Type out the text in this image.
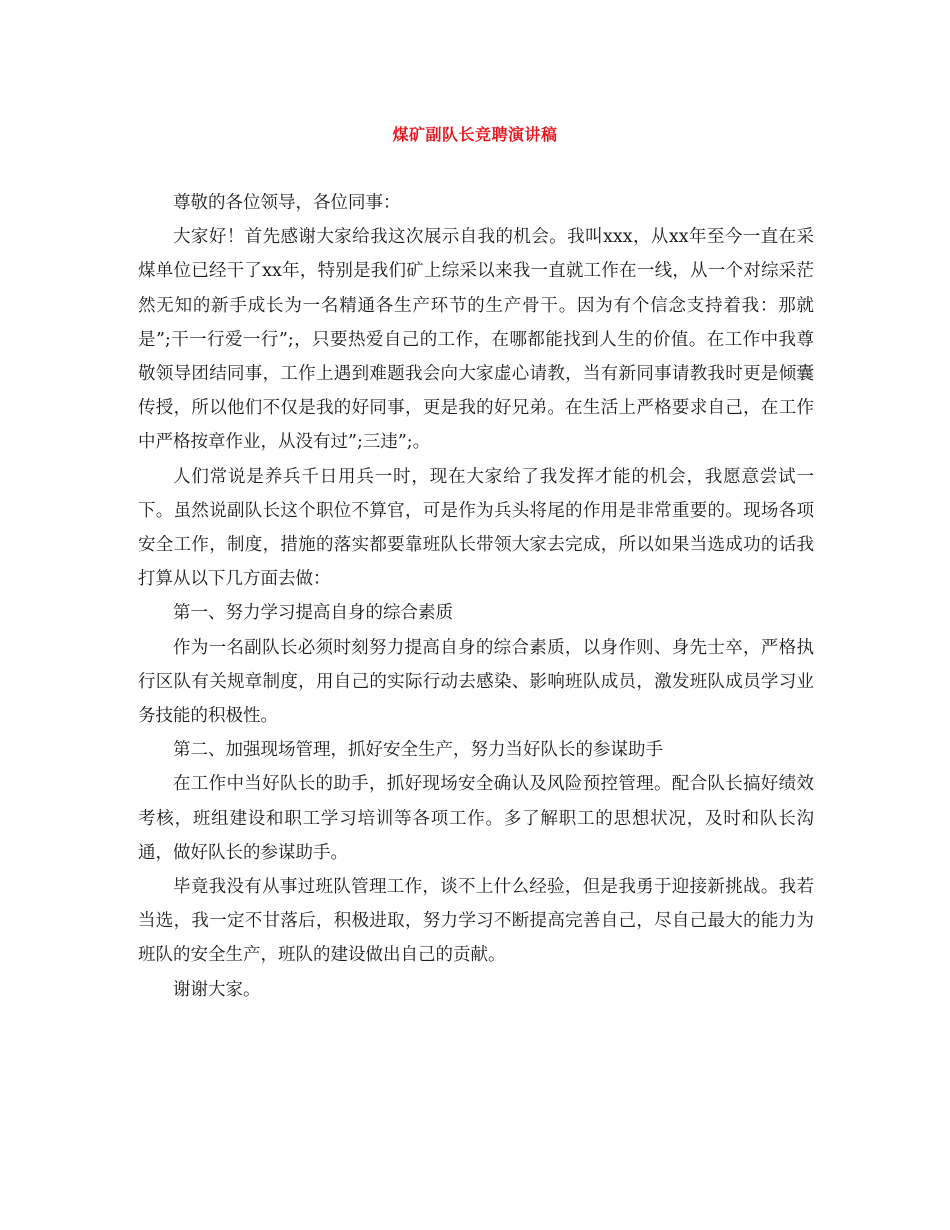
煤矿副队长竞聘演讲稿

尊敬的各位领导，各位同事：

大家好！首先感谢大家给我这次展示自我的机会。我叫xxx，从xx年至今一直在采煤单位已经干了xx年，特别是我们矿上综采以来我一直就工作在一线，从一个对综采茫然无知的新手成长为一名精通各生产环节的生产骨干。因为有个信念支持着我：那就是”;干一行爱一行”;，只要热爱自己的工作，在哪都能找到人生的价值。在工作中我尊敬领导团结同事，工作上遇到难题我会向大家虚心请教，当有新同事请教我时更是倾囊传授，所以他们不仅是我的好同事，更是我的好兄弟。在生活上严格要求自己，在工作中严格按章作业，从没有过”;三违”;。

人们常说是养兵千日用兵一时，现在大家给了我发挥才能的机会，我愿意尝试一下。虽然说副队长这个职位不算官，可是作为兵头将尾的作用是非常重要的。现场各项安全工作，制度，措施的落实都要靠班队长带领大家去完成，所以如果当选成功的话我打算从以下几方面去做：

第一、努力学习提高自身的综合素质

作为一名副队长必须时刻努力提高自身的综合素质，以身作则、身先士卒，严格执行区队有关规章制度，用自己的实际行动去感染、影响班队成员，激发班队成员学习业务技能的积极性。

第二、加强现场管理，抓好安全生产，努力当好队长的参谋助手

在工作中当好队长的助手，抓好现场安全确认及风险预控管理。配合队长搞好绩效考核，班组建设和职工学习培训等各项工作。多了解职工的思想状况，及时和队长沟通，做好队长的参谋助手。

毕竟我没有从事过班队管理工作，谈不上什么经验，但是我勇于迎接新挑战。我若当选，我一定不甘落后，积极进取，努力学习不断提高完善自己，尽自己最大的能力为班队的安全生产，班队的建设做出自己的贡献。

谢谢大家。
